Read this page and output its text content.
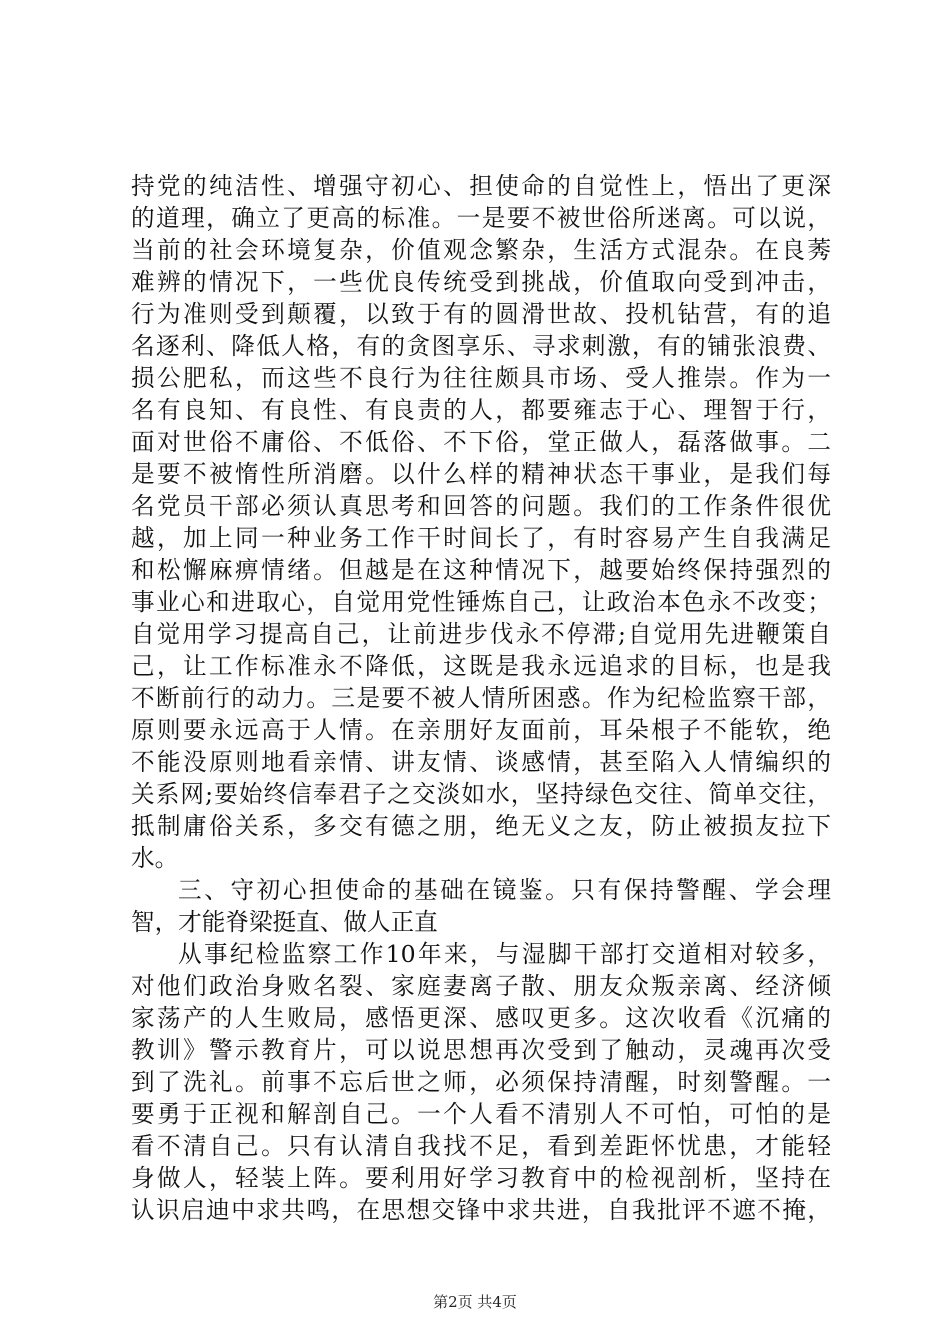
持党的纯洁性、增强守初心、担使命的自觉性上，悟出了更深
的道理，确立了更高的标准。一是要不被世俗所迷离。可以说，
当前的社会环境复杂，价值观念繁杂，生活方式混杂。在良莠
难辨的情况下，一些优良传统受到挑战，价值取向受到冲击，
行为准则受到颠覆，以致于有的圆滑世故、投机钻营，有的追
名逐利、降低人格，有的贪图享乐、寻求刺激，有的铺张浪费、
损公肥私，而这些不良行为往往颇具市场、受人推崇。作为一
名有良知、有良性、有良责的人，都要雍志于心、理智于行，
面对世俗不庸俗、不低俗、不下俗，堂正做人，磊落做事。二
是要不被惰性所消磨。以什么样的精神状态干事业，是我们每
名党员干部必须认真思考和回答的问题。我们的工作条件很优
越，加上同一种业务工作干时间长了，有时容易产生自我满足
和松懈麻痹情绪。但越是在这种情况下，越要始终保持强烈的
事业心和进取心，自觉用党性锤炼自己，让政治本色永不改变；
自觉用学习提高自己，让前进步伐永不停滞;自觉用先进鞭策自
己，让工作标准永不降低，这既是我永远追求的目标，也是我
不断前行的动力。三是要不被人情所困惑。作为纪检监察干部，
原则要永远高于人情。在亲朋好友面前，耳朵根子不能软，绝
不能没原则地看亲情、讲友情、谈感情，甚至陷入人情编织的
关系网;要始终信奉君子之交淡如水，坚持绿色交往、简单交往，
抵制庸俗关系，多交有德之朋，绝无义之友，防止被损友拉下
水。
三、守初心担使命的基础在镜鉴。只有保持警醒、学会理
智，才能脊梁挺直、做人正直
从事纪检监察工作10年来，与湿脚干部打交道相对较多，
对他们政治身败名裂、家庭妻离子散、朋友众叛亲离、经济倾
家荡产的人生败局，感悟更深、感叹更多。这次收看《沉痛的
教训》警示教育片，可以说思想再次受到了触动，灵魂再次受
到了洗礼。前事不忘后世之师，必须保持清醒，时刻警醒。一
要勇于正视和解剖自己。一个人看不清别人不可怕，可怕的是
看不清自己。只有认清自我找不足，看到差距怀忧患，才能轻
身做人，轻装上阵。要利用好学习教育中的检视剖析，坚持在
认识启迪中求共鸣，在思想交锋中求共进，自我批评不遮不掩，
第2页 共4页
